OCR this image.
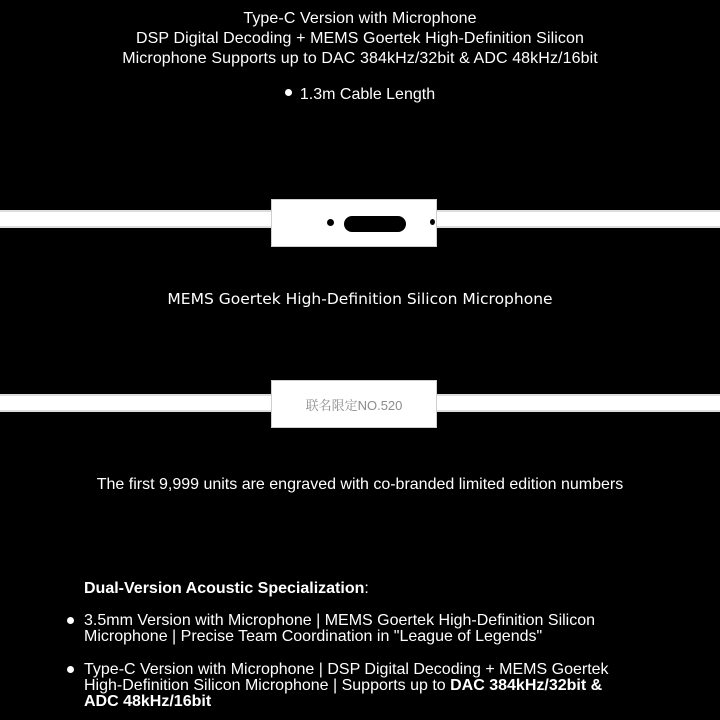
Type-C Version with Microphone
DSP Digital Decoding + MEMS Goertek High-Definition Silicon
Microphone Supports up to DAC 384kHz/32bit & ADC 48kHz/16bit
1.3m Cable Length
MEMS Goertek High-Definition Silicon Microphone
联名限定NO.520
The first 9,999 units are engraved with co-branded limited edition numbers
Dual-Version Acoustic Specialization:
3.5mm Version with Microphone | MEMS Goertek High-Definition Silicon
Microphone | Precise Team Coordination in "League of Legends"
Type-C Version with Microphone | DSP Digital Decoding + MEMS Goertek
High-Definition Silicon Microphone | Supports up to DAC 384kHz/32bit &
ADC 48kHz/16bit
